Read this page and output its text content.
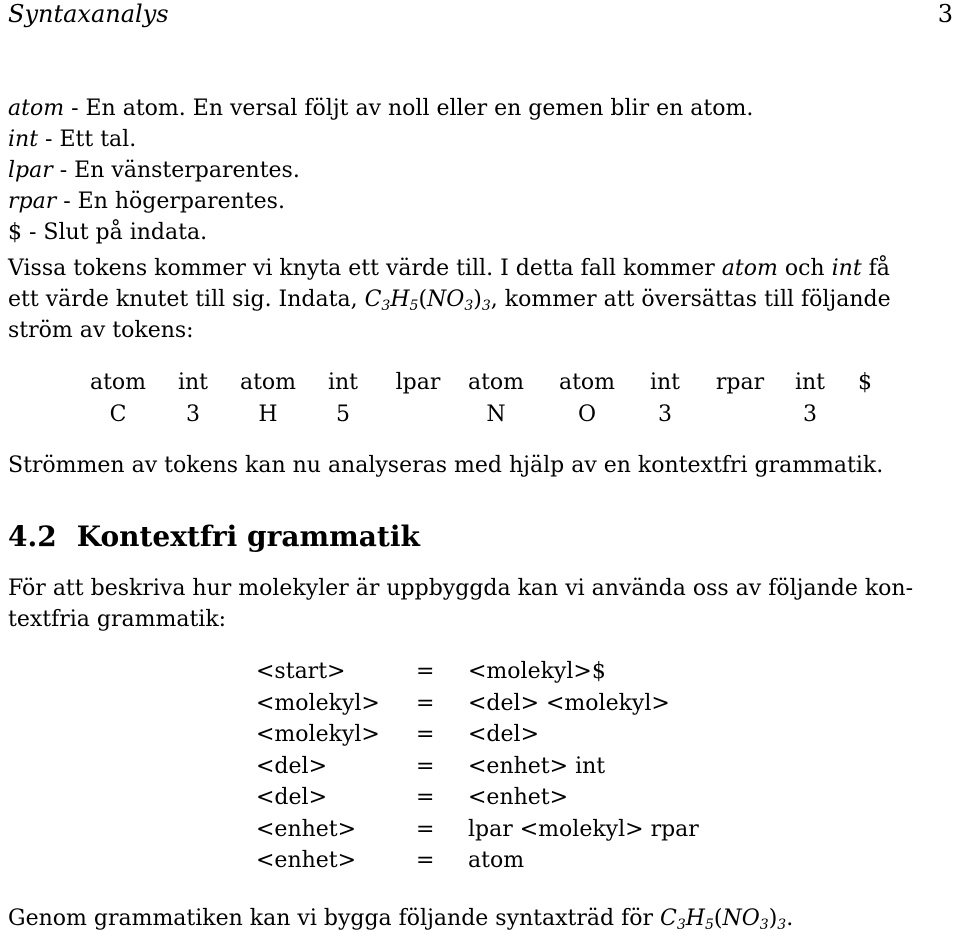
Syntaxanalys	3
atom - En atom. En versal följt av noll eller en gemen blir en atom.
int - Ett tal.
lpar - En vänsterparentes.
rpar - En högerparentes.
$ - Slut på indata.
Vissa tokens kommer vi knyta ett värde till. I detta fall kommer atom och int få
ett värde knutet till sig. Indata, $C_3H_5(NO_3)_3$, kommer att översättas till följande
ström av tokens:
atom	int	atom	int	lpar	atom	atom	int	rpar	int	$
C	3	H	5		N	O	3		3	
Strömmen av tokens kan nu analyseras med hjälp av en kontextfri grammatik.
4.2 Kontextfri grammatik
För att beskriva hur molekyler är uppbyggda kan vi använda oss av följande kon-
textfria grammatik:
<start>	=	<molekyl>$
<molekyl>	=	<del> <molekyl>
<molekyl>	=	<del>
<del>	=	<enhet> int
<del>	=	<enhet>
<enhet>	=	lpar <molekyl> rpar
<enhet>	=	atom
Genom grammatiken kan vi bygga följande syntaxträd för $C_3H_5(NO_3)_3$.
